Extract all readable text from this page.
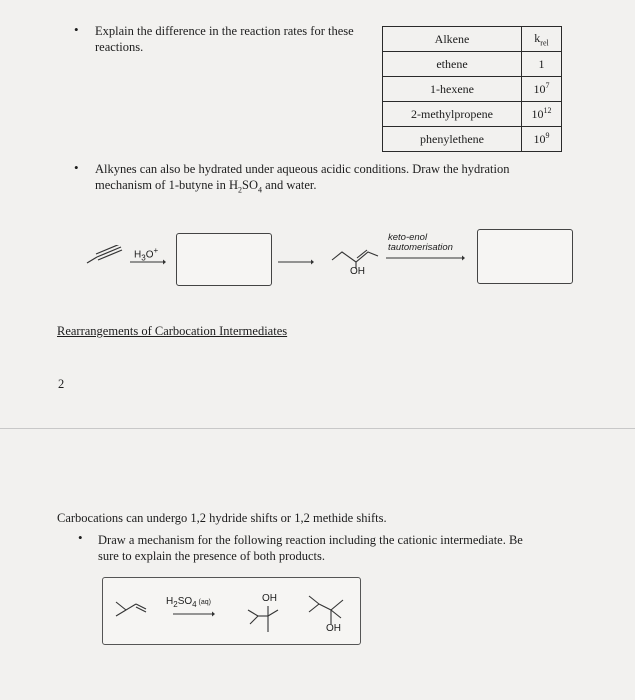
• Explain the difference in the reaction rates for these
reactions.
Alkene	$k_{rel}$
ethene	1
1-hexene	$10^7$
2-methylpropene	$10^{12}$
phenylethene	$10^9$
• Alkynes can also be hydrated under aqueous acidic conditions. Draw the hydration
mechanism of 1-butyne in $H_2SO_4$ and water.
$H_3O^+$
OH
keto-enol
tautomerisation
Rearrangements of Carbocation Intermediates
2
Carbocations can undergo 1,2 hydride shifts or 1,2 methide shifts.
• Draw a mechanism for the following reaction including the cationic intermediate. Be
sure to explain the presence of both products.
$H_2SO_4$ (aq)	OH
OH
